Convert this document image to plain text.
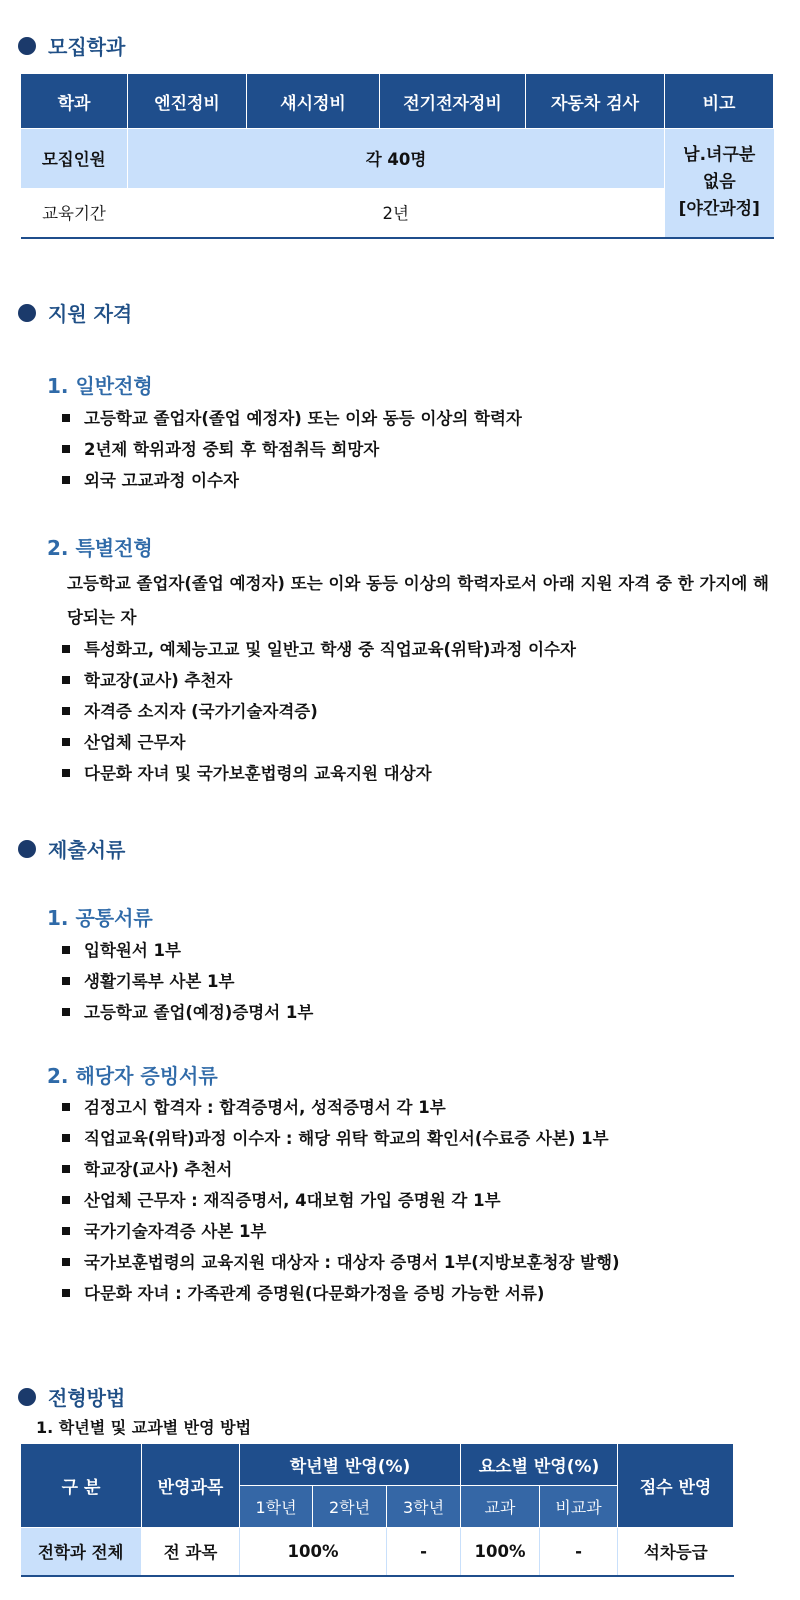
모집학과
학과	엔진정비	섀시정비	전기전자정비	자동차 검사	비고
모집인원	각 40명				남.녀구분
없음
[야간과정]

교육기간	2년				
지원 자격
1. 일반전형
고등학교 졸업자(졸업 예정자) 또는 이와 동등 이상의 학력자
2년제 학위과정 중퇴 후 학점취득 희망자
외국 고교과정 이수자
2. 특별전형
고등학교 졸업자(졸업 예정자) 또는 이와 동등 이상의 학력자로서 아래 지원 자격 중 한 가지에 해당되는 자
특성화고, 예체능고교 및 일반고 학생 중 직업교육(위탁)과정 이수자
학교장(교사) 추천자
자격증 소지자 (국가기술자격증)
산업체 근무자
다문화 자녀 및 국가보훈법령의 교육지원 대상자
제출서류
1. 공통서류
입학원서 1부
생활기록부 사본 1부
고등학교 졸업(예정)증명서 1부
2. 해당자 증빙서류
검정고시 합격자 : 합격증명서, 성적증명서 각 1부
직업교육(위탁)과정 이수자 : 해당 위탁 학교의 확인서(수료증 사본) 1부
학교장(교사) 추천서
산업체 근무자 : 재직증명서, 4대보험 가입 증명원 각 1부
국가기술자격증 사본 1부
국가보훈법령의 교육지원 대상자 : 대상자 증명서 1부(지방보훈청장 발행)
다문화 자녀 : 가족관계 증명원(다문화가정을 증빙 가능한 서류)
전형방법
1. 학년별 및 교과별 반영 방법
구 분	반영과목	학년별 반영(%)			요소별 반영(%)		점수 반영
		1학년	2학년	3학년	교과	비교과	
전학과 전체	전 과목	100%		-	100%	-	석차등급
